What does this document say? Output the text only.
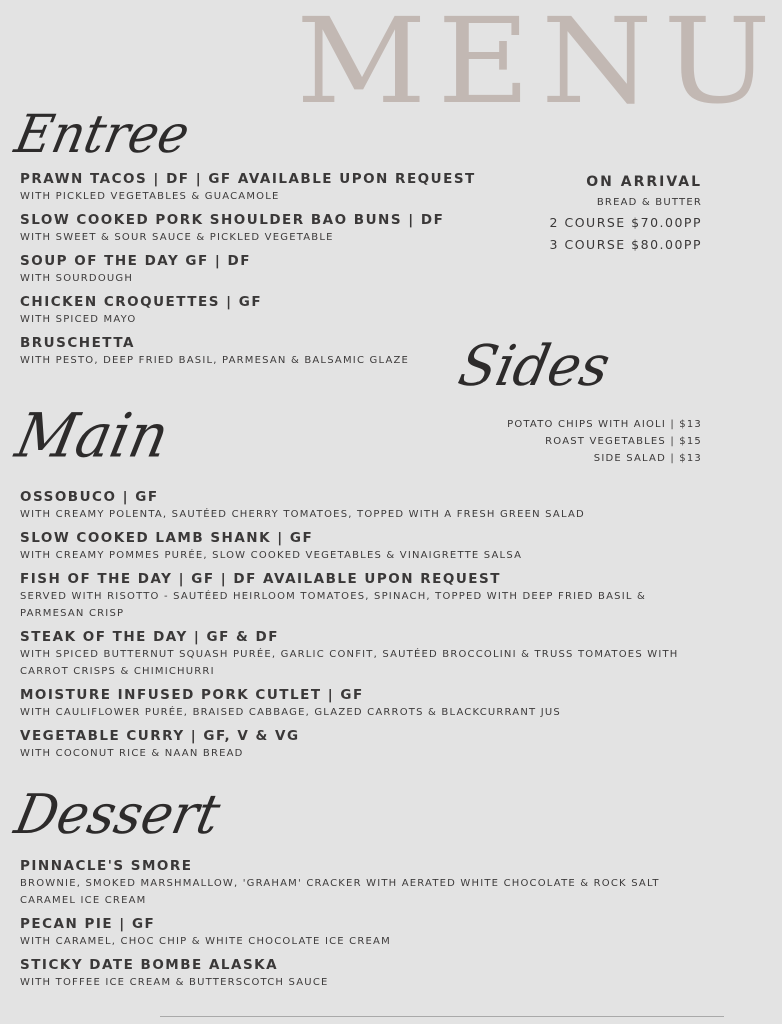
MENU
Entree
PRAWN TACOS | DF | GF AVAILABLE UPON REQUEST
WITH PICKLED VEGETABLES & GUACAMOLE
SLOW COOKED PORK SHOULDER BAO BUNS | DF
WITH SWEET & SOUR SAUCE & PICKLED VEGETABLE
SOUP OF THE DAY GF | DF
WITH SOURDOUGH
CHICKEN CROQUETTES | GF
WITH SPICED MAYO
BRUSCHETTA
WITH PESTO, DEEP FRIED BASIL, PARMESAN & BALSAMIC GLAZE
ON ARRIVAL
BREAD & BUTTER
2 COURSE $70.00PP
3 COURSE $80.00PP
Sides
POTATO CHIPS WITH AIOLI | $13
ROAST VEGETABLES | $15
SIDE SALAD | $13
Main
OSSOBUCO | GF
WITH CREAMY POLENTA, SAUTÉED CHERRY TOMATOES, TOPPED WITH A FRESH GREEN SALAD
SLOW COOKED LAMB SHANK | GF
WITH CREAMY POMMES PURÉE, SLOW COOKED VEGETABLES & VINAIGRETTE SALSA
FISH OF THE DAY | GF | DF AVAILABLE UPON REQUEST
SERVED WITH RISOTTO - SAUTÉED HEIRLOOM TOMATOES, SPINACH, TOPPED WITH DEEP FRIED BASIL & PARMESAN CRISP
STEAK OF THE DAY | GF & DF
WITH SPICED BUTTERNUT SQUASH PURÉE, GARLIC CONFIT, SAUTÉED BROCCOLINI & TRUSS TOMATOES WITH CARROT CRISPS & CHIMICHURRI
MOISTURE INFUSED PORK CUTLET | GF
WITH CAULIFLOWER PURÉE, BRAISED CABBAGE, GLAZED CARROTS & BLACKCURRANT JUS
VEGETABLE CURRY | GF, V & VG
WITH COCONUT RICE & NAAN BREAD
Dessert
PINNACLE'S SMORE
BROWNIE, SMOKED MARSHMALLOW, 'GRAHAM' CRACKER WITH AERATED WHITE CHOCOLATE & ROCK SALT CARAMEL ICE CREAM
PECAN PIE | GF
WITH CARAMEL, CHOC CHIP & WHITE CHOCOLATE ICE CREAM
STICKY DATE BOMBE ALASKA
WITH TOFFEE ICE CREAM & BUTTERSCOTCH SAUCE
